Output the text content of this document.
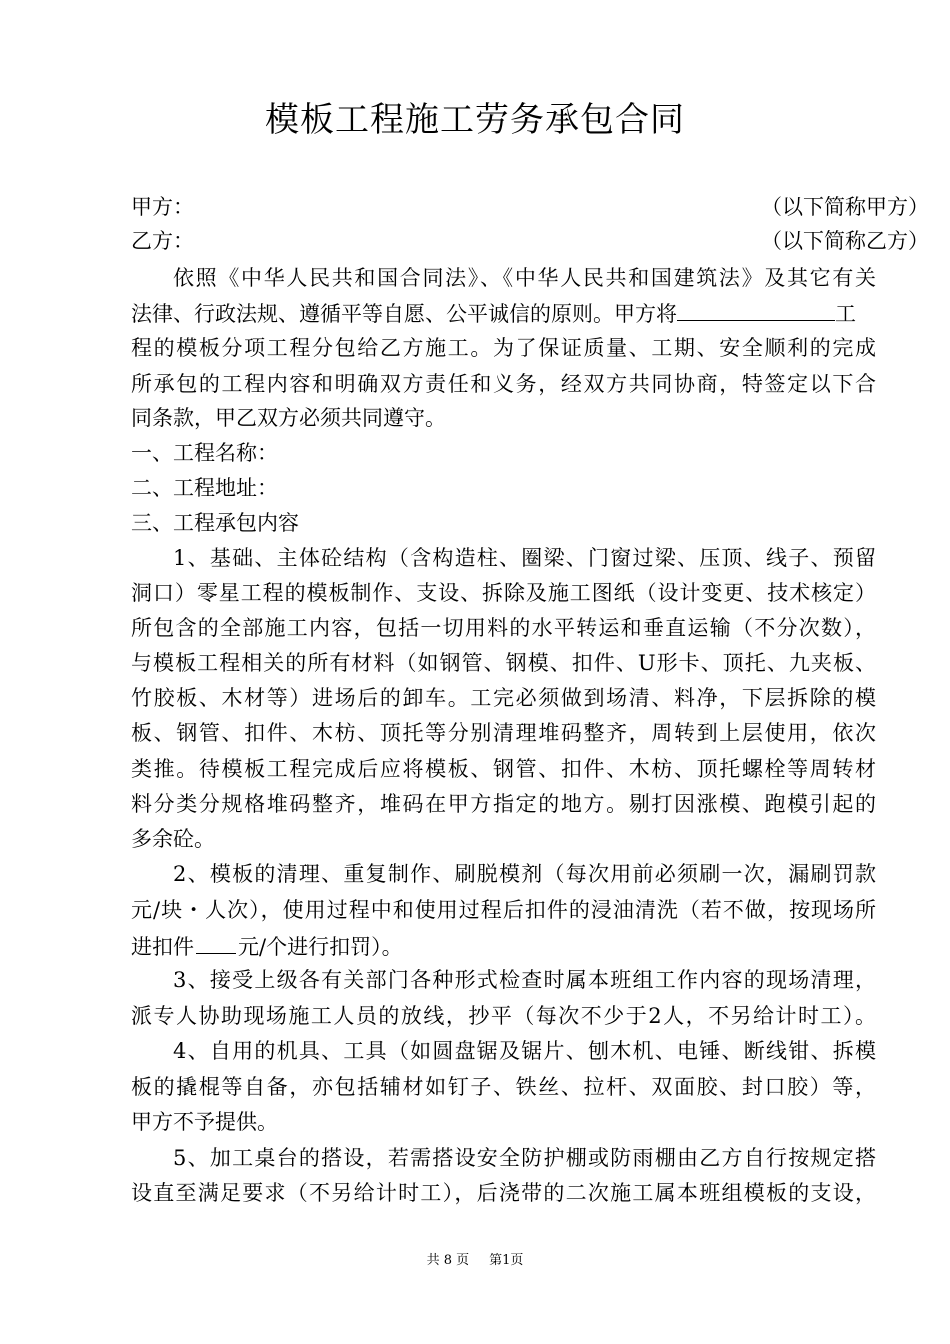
模板工程施工劳务承包合同
甲方：	（以下简称甲方）
乙方：	（以下简称乙方）
依照《中华人民共和国合同法》、《中华人民共和国建筑法》及其它有关
法律、行政法规、遵循平等自愿、公平诚信的原则。甲方将	工
程的模板分项工程分包给乙方施工。为了保证质量、工期、安全顺利的完成
所承包的工程内容和明确双方责任和义务，经双方共同协商，特签定以下合
同条款，甲乙双方必须共同遵守。
一、工程名称：
二、工程地址：
三、工程承包内容
1、基础、主体砼结构（含构造柱、圈梁、门窗过梁、压顶、线子、预留
洞口）零星工程的模板制作、支设、拆除及施工图纸（设计变更、技术核定）
所包含的全部施工内容，包括一切用料的水平转运和垂直运输（不分次数），
与模板工程相关的所有材料（如钢管、钢模、扣件、U形卡、顶托、九夹板、
竹胶板、木材等）进场后的卸车。工完必须做到场清、料净，下层拆除的模
板、钢管、扣件、木枋、顶托等分别清理堆码整齐，周转到上层使用，依次
类推。待模板工程完成后应将模板、钢管、扣件、木枋、顶托螺栓等周转材
料分类分规格堆码整齐，堆码在甲方指定的地方。剔打因涨模、跑模引起的
多余砼。
2、模板的清理、重复制作、刷脱模剂（每次用前必须刷一次，漏刷罚款
元/块・人次），使用过程中和使用过程后扣件的浸油清洗（若不做，按现场所
进扣件 元/个进行扣罚）。
3、接受上级各有关部门各种形式检查时属本班组工作内容的现场清理，
派专人协助现场施工人员的放线，抄平（每次不少于2人，不另给计时工）。
4、自用的机具、工具（如圆盘锯及锯片、刨木机、电锤、断线钳、拆模
板的撬棍等自备，亦包括辅材如钉子、铁丝、拉杆、双面胶、封口胶）等，
甲方不予提供。
5、加工桌台的搭设，若需搭设安全防护棚或防雨棚由乙方自行按规定搭
设直至满足要求（不另给计时工），后浇带的二次施工属本班组模板的支设，
共 8 页 第1页
